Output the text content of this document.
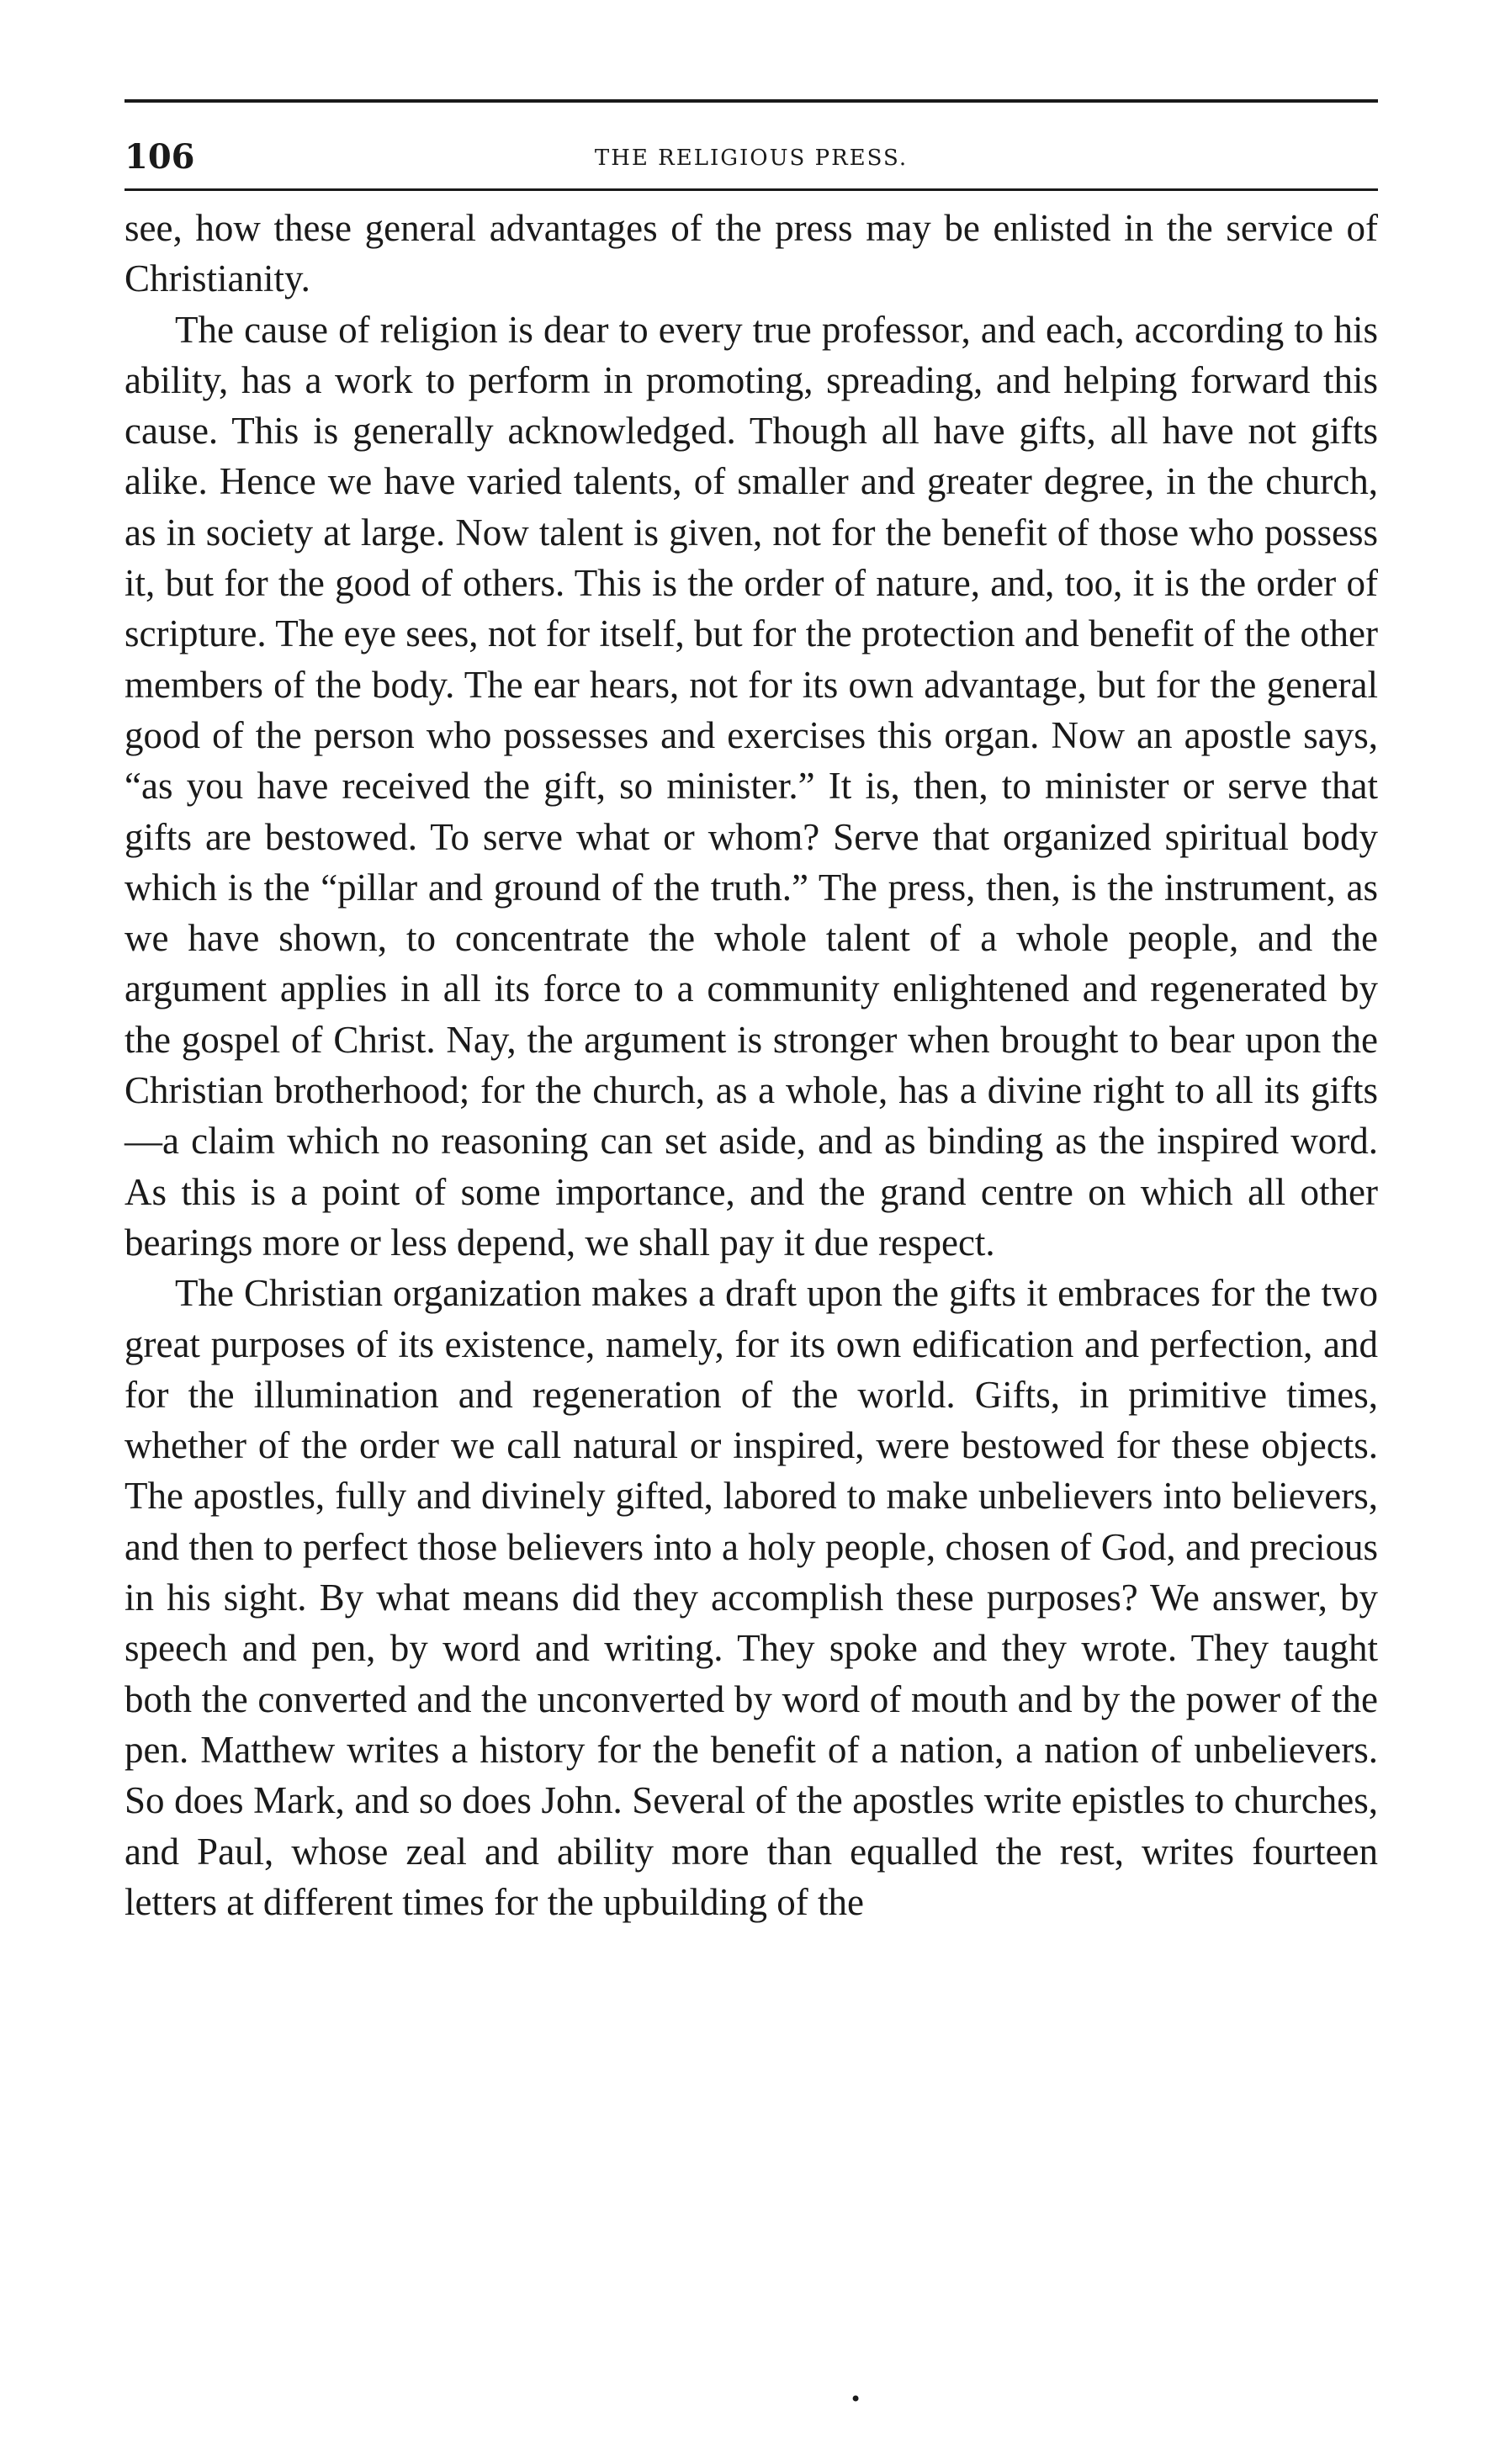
106	THE RELIGIOUS PRESS.

see, how these general advantages of the press may be enlisted in the service of Christianity.

The cause of religion is dear to every true professor, and each, according to his ability, has a work to perform in promoting, spreading, and helping forward this cause. This is generally acknowledged. Though all have gifts, all have not gifts alike. Hence we have varied talents, of smaller and greater degree, in the church, as in society at large. Now talent is given, not for the benefit of those who possess it, but for the good of others. This is the order of nature, and, too, it is the order of scripture. The eye sees, not for itself, but for the protection and benefit of the other members of the body. The ear hears, not for its own advantage, but for the general good of the person who possesses and exercises this organ. Now an apostle says, “as you have received the gift, so minister.” It is, then, to minister or serve that gifts are bestowed. To serve what or whom? Serve that organized spiritual body which is the “pillar and ground of the truth.” The press, then, is the instrument, as we have shown, to concentrate the whole talent of a whole people, and the argument applies in all its force to a community enlightened and regenerated by the gospel of Christ. Nay, the argument is stronger when brought to bear upon the Christian brotherhood; for the church, as a whole, has a divine right to all its gifts—a claim which no reasoning can set aside, and as binding as the inspired word. As this is a point of some importance, and the grand centre on which all other bearings more or less depend, we shall pay it due respect.

The Christian organization makes a draft upon the gifts it embraces for the two great purposes of its existence, namely, for its own edification and perfection, and for the illumination and regeneration of the world. Gifts, in primitive times, whether of the order we call natural or inspired, were bestowed for these objects. The apostles, fully and divinely gifted, labored to make unbelievers into believers, and then to perfect those believers into a holy people, chosen of God, and precious in his sight. By what means did they accomplish these purposes? We answer, by speech and pen, by word and writing. They spoke and they wrote. They taught both the converted and the unconverted by word of mouth and by the power of the pen. Matthew writes a history for the benefit of a nation, a nation of unbelievers. So does Mark, and so does John. Several of the apostles write epistles to churches, and Paul, whose zeal and ability more than equalled the rest, writes fourteen letters at different times for the upbuilding of the

•
